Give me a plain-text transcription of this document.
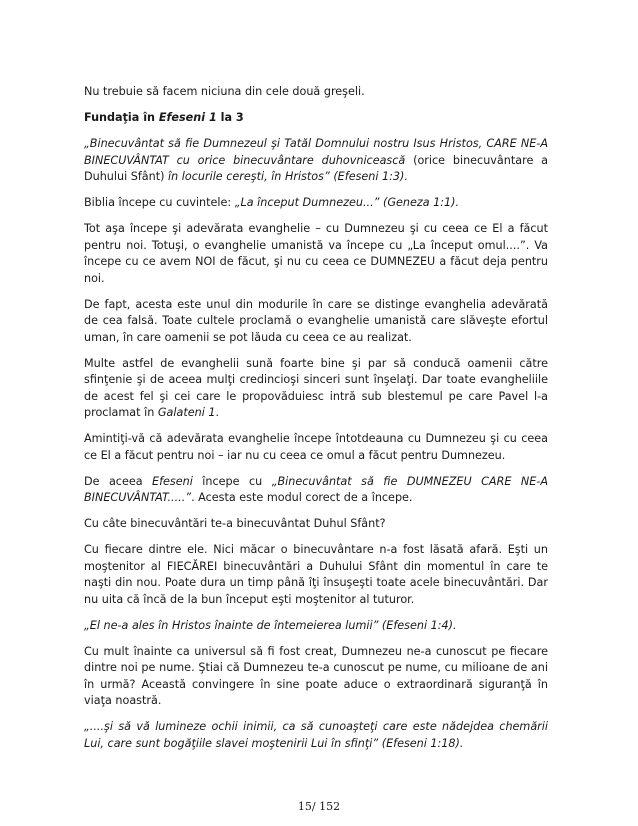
Nu trebuie să facem niciuna din cele două greşeli.

Fundaţia în Efeseni 1 la 3

„Binecuvântat să fie Dumnezeul şi Tatăl Domnului nostru Isus Hristos, CARE NE-A BINECUVÂNTAT cu orice binecuvântare duhovnicească (orice binecuvântare a Duhului Sfânt) în locurile cereşti, în Hristos” (Efeseni 1:3).

Biblia începe cu cuvintele: „La început Dumnezeu...” (Geneza 1:1).

Tot aşa începe şi adevărata evanghelie – cu Dumnezeu şi cu ceea ce El a făcut pentru noi. Totuşi, o evanghelie umanistă va începe cu „La început omul....”. Va începe cu ce avem NOI de făcut, şi nu cu ceea ce DUMNEZEU a făcut deja pentru noi.

De fapt, acesta este unul din modurile în care se distinge evanghelia adevărată de cea falsă. Toate cultele proclamă o evanghelie umanistă care slăveşte efortul uman, în care oamenii se pot lăuda cu ceea ce au realizat.

Multe astfel de evanghelii sună foarte bine şi par să conducă oamenii către sfinţenie şi de aceea mulţi credincioşi sinceri sunt înşelaţi. Dar toate evangheliile de acest fel şi cei care le propovăduiesc intră sub blestemul pe care Pavel l-a proclamat în Galateni 1.

Amintiţi-vă că adevărata evanghelie începe întotdeauna cu Dumnezeu şi cu ceea ce El a făcut pentru noi – iar nu cu ceea ce omul a făcut pentru Dumnezeu.

De aceea Efeseni începe cu „Binecuvântat să fie DUMNEZEU CARE NE-A BINECUVÂNTAT.....”. Acesta este modul corect de a începe.

Cu câte binecuvântări te-a binecuvântat Duhul Sfânt?

Cu fiecare dintre ele. Nici măcar o binecuvântare n-a fost lăsată afară. Eşti un moştenitor al FIECĂREI binecuvântări a Duhului Sfânt din momentul în care te naşti din nou. Poate dura un timp până îţi însuşeşti toate acele binecuvântări. Dar nu uita că încă de la bun început eşti moştenitor al tuturor.

„El ne-a ales în Hristos înainte de întemeierea lumii” (Efeseni 1:4).

Cu mult înainte ca universul să fi fost creat, Dumnezeu ne-a cunoscut pe fiecare dintre noi pe nume. Ştiai că Dumnezeu te-a cunoscut pe nume, cu milioane de ani în urmă? Această convingere în sine poate aduce o extraordinară siguranţă în viaţa noastră.

„....şi să vă lumineze ochii inimii, ca să cunoaşteţi care este nădejdea chemării Lui, care sunt bogăţiile slavei moştenirii Lui în sfinţi” (Efeseni 1:18).

15/ 152
